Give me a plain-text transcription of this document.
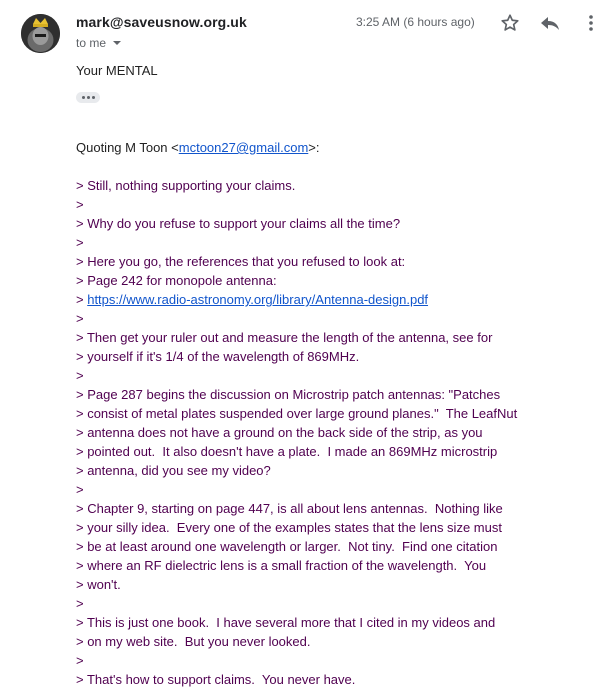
mark@saveusnow.org.uk
to me
3:25 AM (6 hours ago)
Your MENTAL
Quoting M Toon <mctoon27@gmail.com>:
> Still, nothing supporting your claims.
>
> Why do you refuse to support your claims all the time?
>
> Here you go, the references that you refused to look at:
> Page 242 for monopole antenna:
> https://www.radio-astronomy.org/library/Antenna-design.pdf
>
> Then get your ruler out and measure the length of the antenna, see for
> yourself if it's 1/4 of the wavelength of 869MHz.
>
> Page 287 begins the discussion on Microstrip patch antennas: "Patches
> consist of metal plates suspended over large ground planes."  The LeafNut
> antenna does not have a ground on the back side of the strip, as you
> pointed out.  It also doesn't have a plate.  I made an 869MHz microstrip
> antenna, did you see my video?
>
> Chapter 9, starting on page 447, is all about lens antennas.  Nothing like
> your silly idea.  Every one of the examples states that the lens size must
> be at least around one wavelength or larger.  Not tiny.  Find one citation
> where an RF dielectric lens is a small fraction of the wavelength.  You
> won't.
>
> This is just one book.  I have several more that I cited in my videos and
> on my web site.  But you never looked.
>
> That's how to support claims.  You never have.
